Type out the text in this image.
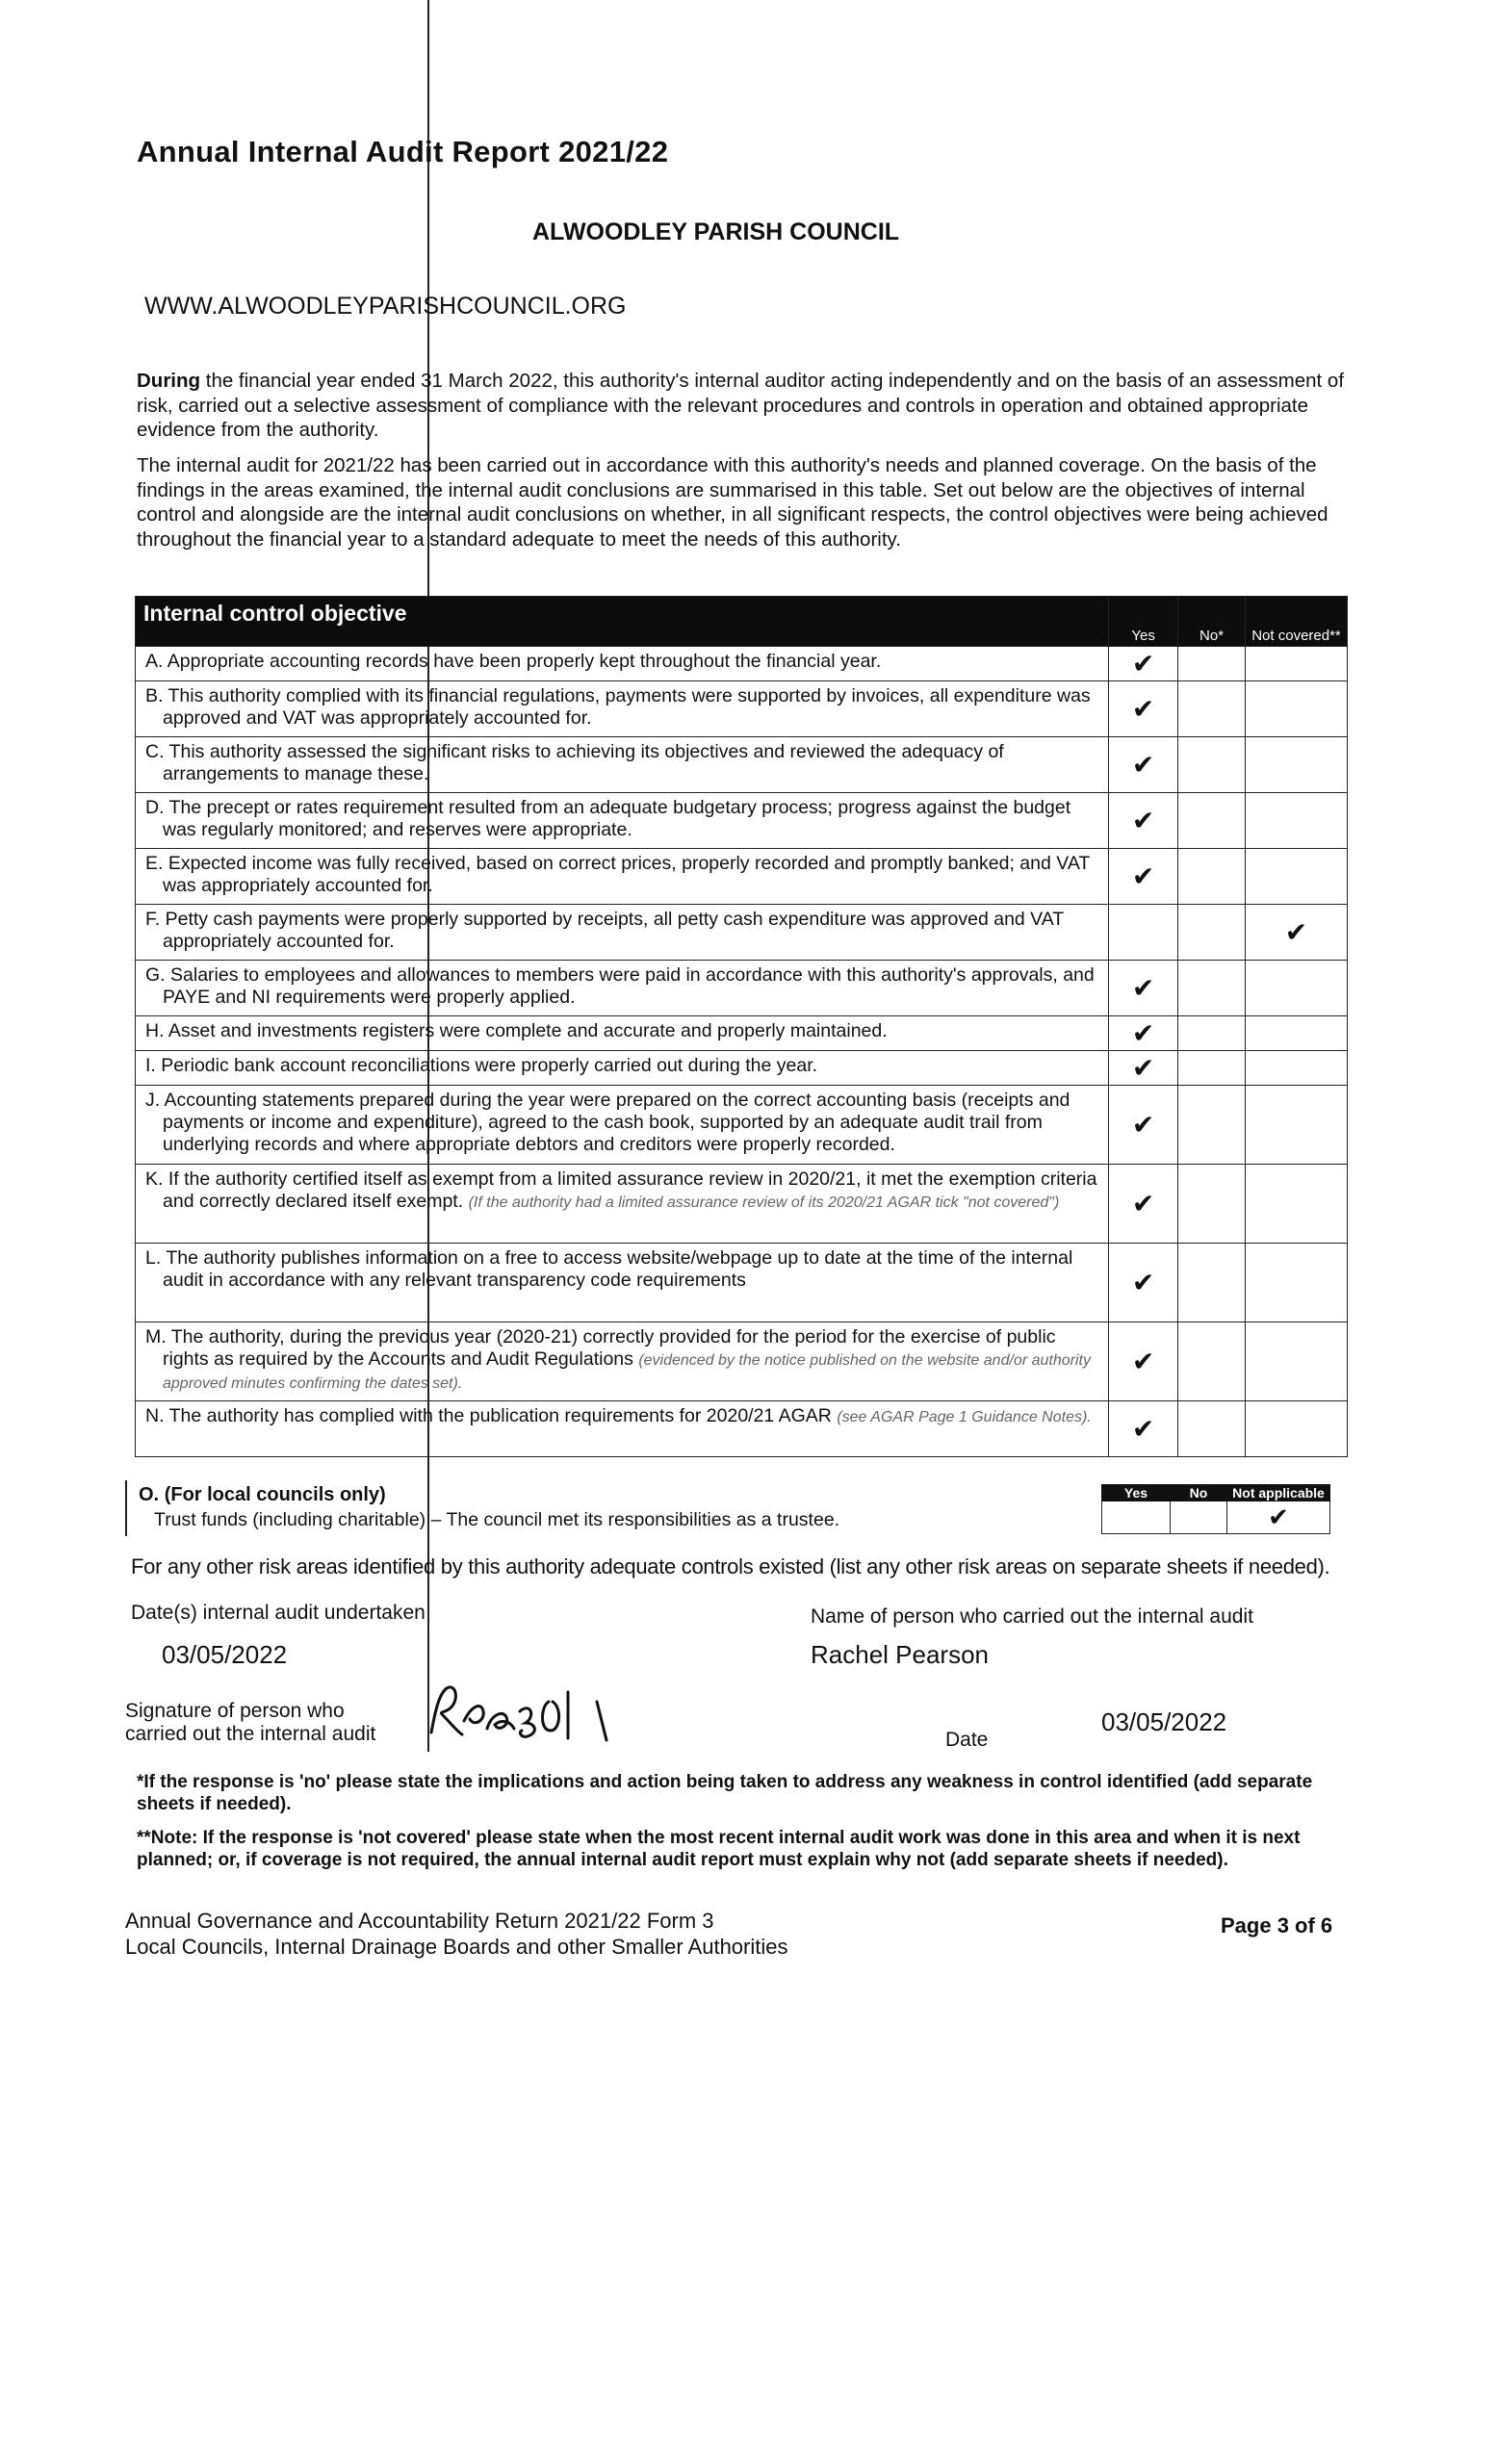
Annual Internal Audit Report 2021/22
ALWOODLEY PARISH COUNCIL
WWW.ALWOODLEYPARISHCOUNCIL.ORG
During the financial year ended 31 March 2022, this authority's internal auditor acting independently and on the basis of an assessment of risk, carried out a selective assessment of compliance with the relevant procedures and controls in operation and obtained appropriate evidence from the authority.
The internal audit for 2021/22 has been carried out in accordance with this authority's needs and planned coverage. On the basis of the findings in the areas examined, the internal audit conclusions are summarised in this table. Set out below are the objectives of internal control and alongside are the internal audit conclusions on whether, in all significant respects, the control objectives were being achieved throughout the financial year to a standard adequate to meet the needs of this authority.
Internal control objective	Yes	No*	Not covered**
A. Appropriate accounting records have been properly kept throughout the financial year.	✔		
B. This authority complied with its financial regulations, payments were supported by invoices, all expenditure was approved and VAT was appropriately accounted for.	✔		
C. This authority assessed the significant risks to achieving its objectives and reviewed the adequacy of arrangements to manage these.	✔		
D. The precept or rates requirement resulted from an adequate budgetary process; progress against the budget was regularly monitored; and reserves were appropriate.	✔		
E. Expected income was fully received, based on correct prices, properly recorded and promptly banked; and VAT was appropriately accounted for.	✔		
F. Petty cash payments were properly supported by receipts, all petty cash expenditure was approved and VAT appropriately accounted for.			✔
G. Salaries to employees and allowances to members were paid in accordance with this authority's approvals, and PAYE and NI requirements were properly applied.	✔		
H. Asset and investments registers were complete and accurate and properly maintained.	✔		
I. Periodic bank account reconciliations were properly carried out during the year.	✔		
J. Accounting statements prepared during the year were prepared on the correct accounting basis (receipts and payments or income and expenditure), agreed to the cash book, supported by an adequate audit trail from underlying records and where appropriate debtors and creditors were properly recorded.	✔		
K. If the authority certified itself as exempt from a limited assurance review in 2020/21, it met the exemption criteria and correctly declared itself exempt. (If the authority had a limited assurance review of its 2020/21 AGAR tick "not covered")	✔		
L. The authority publishes information on a free to access website/webpage up to date at the time of the internal audit in accordance with any relevant transparency code requirements	✔		
M. The authority, during the previous year (2020-21) correctly provided for the period for the exercise of public rights as required by the Accounts and Audit Regulations (evidenced by the notice published on the website and/or authority approved minutes confirming the dates set).	✔		
N. The authority has complied with the publication requirements for 2020/21 AGAR (see AGAR Page 1 Guidance Notes).	✔		
O. (For local councils only)
Trust funds (including charitable) – The council met its responsibilities as a trustee.
Yes	No	Not applicable
		✔
For any other risk areas identified by this authority adequate controls existed (list any other risk areas on separate sheets if needed).
Date(s) internal audit undertaken
03/05/2022
Name of person who carried out the internal audit
Rachel Pearson
Signature of person who
carried out the internal audit	Date
03/05/2022
*If the response is 'no' please state the implications and action being taken to address any weakness in control identified (add separate sheets if needed).
**Note: If the response is 'not covered' please state when the most recent internal audit work was done in this area and when it is next planned; or, if coverage is not required, the annual internal audit report must explain why not (add separate sheets if needed).
Annual Governance and Accountability Return 2021/22 Form 3
Local Councils, Internal Drainage Boards and other Smaller Authorities
Page 3 of 6
